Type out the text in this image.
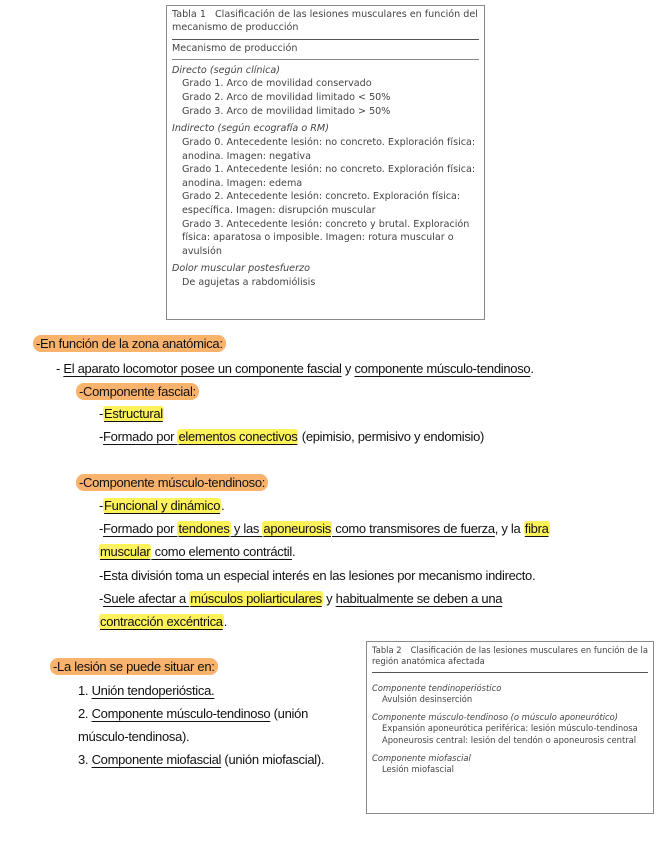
Tabla 1 Clasificación de las lesiones musculares en función del mecanismo de producción
Mecanismo de producción
Directo (según clínica)
Grado 1. Arco de movilidad conservado
Grado 2. Arco de movilidad limitado < 50%
Grado 3. Arco de movilidad limitado > 50%
Indirecto (según ecografía o RM)
Grado 0. Antecedente lesión: no concreto. Exploración física: anodina. Imagen: negativa
Grado 1. Antecedente lesión: no concreto. Exploración física: anodina. Imagen: edema
Grado 2. Antecedente lesión: concreto. Exploración física: específica. Imagen: disrupción muscular
Grado 3. Antecedente lesión: concreto y brutal. Exploración física: aparatosa o imposible. Imagen: rotura muscular o avulsión
Dolor muscular postesfuerzo
De agujetas a rabdomiólisis
-En función de la zona anatómica:
- El aparato locomotor posee un componente fascial y componente músculo-tendinoso.
-Componente fascial:
-Estructural
-Formado por elementos conectivos (epimisio, permisivo y endomisio)
-Componente músculo-tendinoso:
-Funcional y dinámico.
-Formado por tendones y las aponeurosis como transmisores de fuerza, y la fibra
muscular como elemento contráctil.
-Esta división toma un especial interés en las lesiones por mecanismo indirecto.
-Suele afectar a músculos poliarticulares y habitualmente se deben a una
contracción excéntrica.
-La lesión se puede situar en:
1. Unión tendoperióstica.
2. Componente músculo-tendinoso (unión
músculo-tendinosa).
3. Componente miofascial (unión miofascial).
Tabla 2 Clasificación de las lesiones musculares en función de la región anatómica afectada
Componente tendinoperióstico
Avulsión desinserción
Componente músculo-tendinoso (o músculo aponeurótico)
Expansión aponeurótica periférica: lesión músculo-tendinosa
Aponeurosis central: lesión del tendón o aponeurosis central
Componente miofascial
Lesión miofascial
